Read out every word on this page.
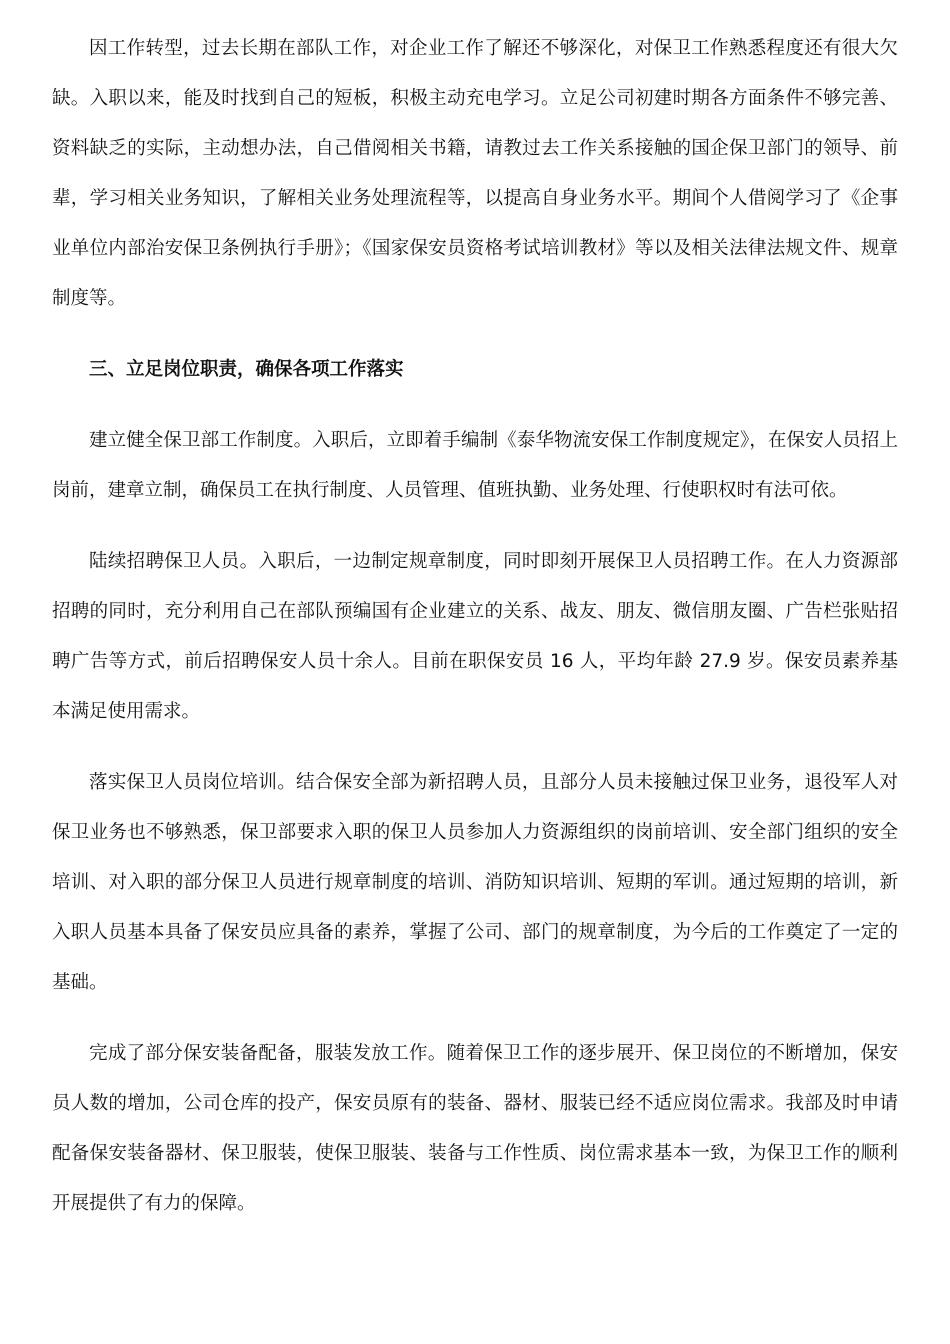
因工作转型，过去长期在部队工作，对企业工作了解还不够深化，对保卫工作熟悉程度还有很大欠缺。入职以来，能及时找到自己的短板，积极主动充电学习。立足公司初建时期各方面条件不够完善、资料缺乏的实际，主动想办法，自己借阅相关书籍，请教过去工作关系接触的国企保卫部门的领导、前辈，学习相关业务知识，了解相关业务处理流程等，以提高自身业务水平。期间个人借阅学习了《企事业单位内部治安保卫条例执行手册》；《国家保安员资格考试培训教材》等以及相关法律法规文件、规章制度等。

三、立足岗位职责，确保各项工作落实

建立健全保卫部工作制度。入职后，立即着手编制《泰华物流安保工作制度规定》，在保安人员招上岗前，建章立制，确保员工在执行制度、人员管理、值班执勤、业务处理、行使职权时有法可依。

陆续招聘保卫人员。入职后，一边制定规章制度，同时即刻开展保卫人员招聘工作。在人力资源部招聘的同时，充分利用自己在部队预编国有企业建立的关系、战友、朋友、微信朋友圈、广告栏张贴招聘广告等方式，前后招聘保安人员十余人。目前在职保安员 16 人，平均年龄 27.9 岁。保安员素养基本满足使用需求。

落实保卫人员岗位培训。结合保安全部为新招聘人员，且部分人员未接触过保卫业务，退役军人对保卫业务也不够熟悉，保卫部要求入职的保卫人员参加人力资源组织的岗前培训、安全部门组织的安全培训、对入职的部分保卫人员进行规章制度的培训、消防知识培训、短期的军训。通过短期的培训，新入职人员基本具备了保安员应具备的素养，掌握了公司、部门的规章制度，为今后的工作奠定了一定的基础。

完成了部分保安装备配备，服装发放工作。随着保卫工作的逐步展开、保卫岗位的不断增加，保安员人数的增加，公司仓库的投产，保安员原有的装备、器材、服装已经不适应岗位需求。我部及时申请配备保安装备器材、保卫服装，使保卫服装、装备与工作性质、岗位需求基本一致，为保卫工作的顺利开展提供了有力的保障。
